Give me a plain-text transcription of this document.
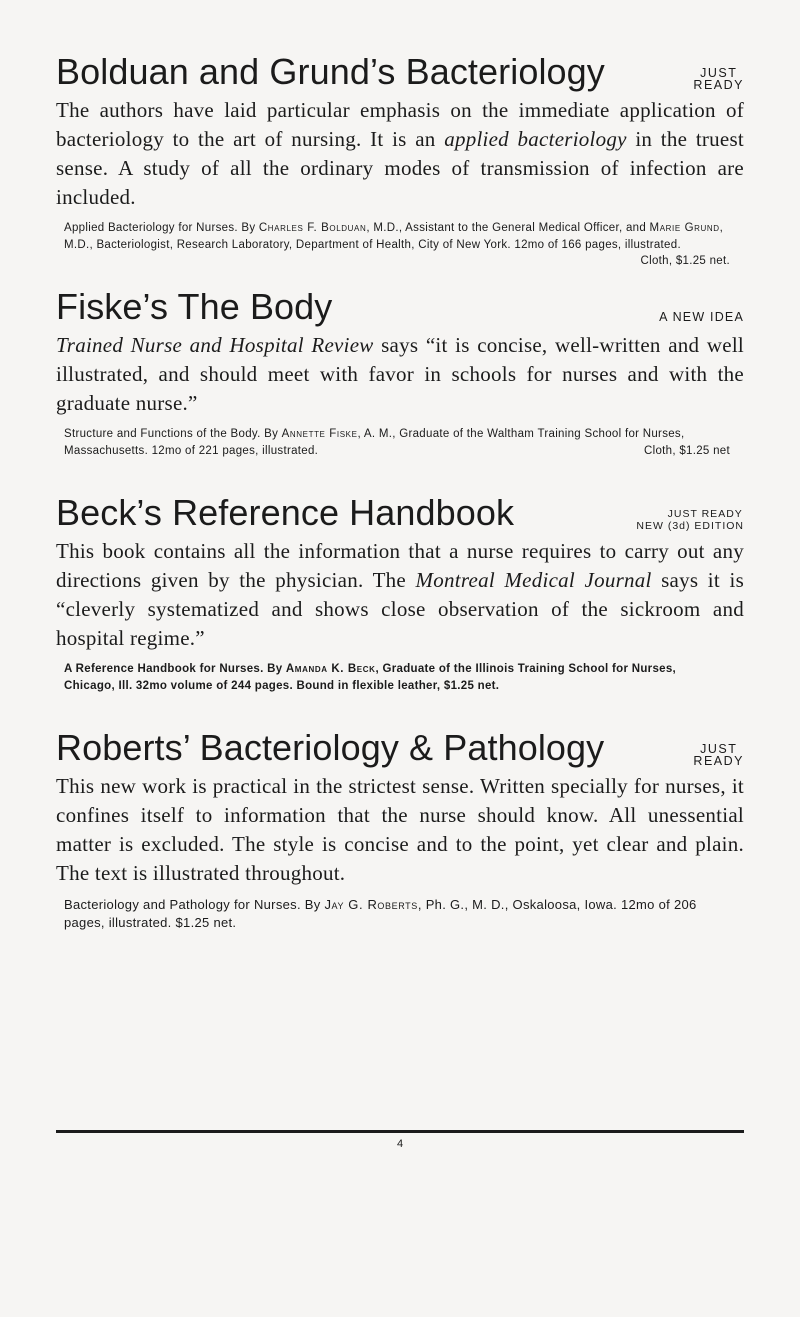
Bolduan and Grund’s Bacteriology	JUST
READY
The authors have laid particular emphasis on the immediate application of bacteriology to the art of nursing. It is an applied bacteriology in the truest sense. A study of all the ordinary modes of transmission of infection are included.
Applied Bacteriology for Nurses. By Charles F. Bolduan, M.D., Assistant to the General Medical Officer, and Marie Grund, M.D., Bacteriologist, Research Laboratory, Department of Health, City of New York. 12mo of 166 pages, illustrated.
Cloth, $1.25 net.
Fiske’s The Body	A NEW IDEA
Trained Nurse and Hospital Review says “it is concise, well-written and well illustrated, and should meet with favor in schools for nurses and with the graduate nurse.”
Structure and Functions of the Body. By Annette Fiske, A. M., Graduate of the Waltham Training School for Nurses, Massachusetts. 12mo of 221 pages, illustrated.	Cloth, $1.25 net
Beck’s Reference Handbook	JUST READY
NEW (3d) EDITION
This book contains all the information that a nurse requires to carry out any directions given by the physician. The Montreal Medical Journal says it is “cleverly systematized and shows close observation of the sickroom and hospital regime.”
A Reference Handbook for Nurses. By Amanda K. Beck, Graduate of the Illinois Training School for Nurses, Chicago, Ill. 32mo volume of 244 pages. Bound in flexible leather, $1.25 net.
Roberts’ Bacteriology & Pathology	JUST
READY
This new work is practical in the strictest sense. Written specially for nurses, it confines itself to information that the nurse should know. All unessential matter is excluded. The style is concise and to the point, yet clear and plain. The text is illustrated throughout.
Bacteriology and Pathology for Nurses. By Jay G. Roberts, Ph. G., M. D., Oskaloosa, Iowa. 12mo of 206 pages, illustrated. $1.25 net.
4
